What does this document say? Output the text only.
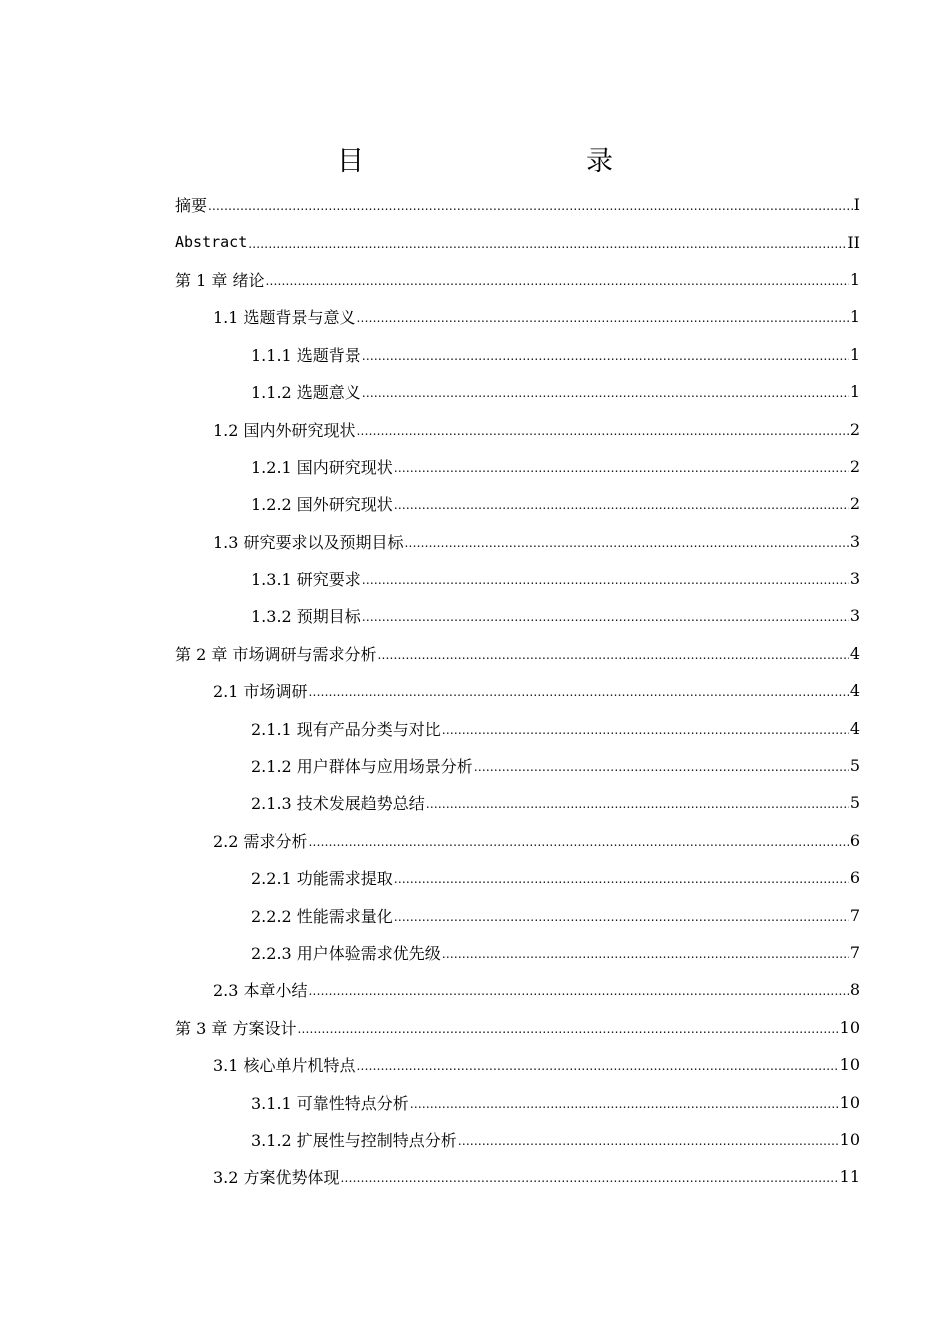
目　　录
摘要 .....	I
Abstract .....	II
第 1 章 绪论 .....	1
1.1 选题背景与意义 .....	1
1.1.1 选题背景 .....	1
1.1.2 选题意义 .....	1
1.2 国内外研究现状 .....	2
1.2.1 国内研究现状 .....	2
1.2.2 国外研究现状 .....	2
1.3 研究要求以及预期目标 .....	3
1.3.1 研究要求 .....	3
1.3.2 预期目标 .....	3
第 2 章 市场调研与需求分析 .....	4
2.1 市场调研 .....	4
2.1.1 现有产品分类与对比 .....	4
2.1.2 用户群体与应用场景分析 .....	5
2.1.3 技术发展趋势总结 .....	5
2.2 需求分析 .....	6
2.2.1 功能需求提取 .....	6
2.2.2 性能需求量化 .....	7
2.2.3 用户体验需求优先级 .....	7
2.3 本章小结 .....	8
第 3 章 方案设计 .....	10
3.1 核心单片机特点 .....	10
3.1.1 可靠性特点分析 .....	10
3.1.2 扩展性与控制特点分析 .....	10
3.2 方案优势体现 .....	11
